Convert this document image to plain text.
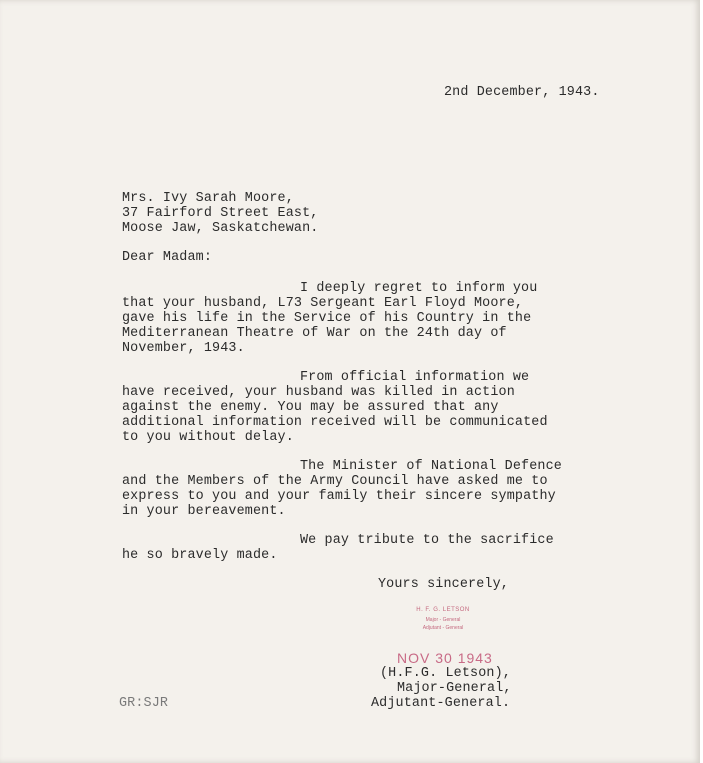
2nd December, 1943.
Mrs. Ivy Sarah Moore,
37 Fairford Street East,
Moose Jaw, Saskatchewan.
Dear Madam:
I deeply regret to inform you
that your husband, L73 Sergeant Earl Floyd Moore,
gave his life in the Service of his Country in the
Mediterranean Theatre of War on the 24th day of
November, 1943.
From official information we
have received, your husband was killed in action
against the enemy. You may be assured that any
additional information received will be communicated
to you without delay.
The Minister of National Defence
and the Members of the Army Council have asked me to
express to you and your family their sincere sympathy
in your bereavement.
We pay tribute to the sacrifice
he so bravely made.
Yours sincerely,
H. F. G. LETSON
Major - General
Adjutant - General
NOV 30 1943
(H.F.G. Letson),
Major-General,
Adjutant-General.
GR:SJR
